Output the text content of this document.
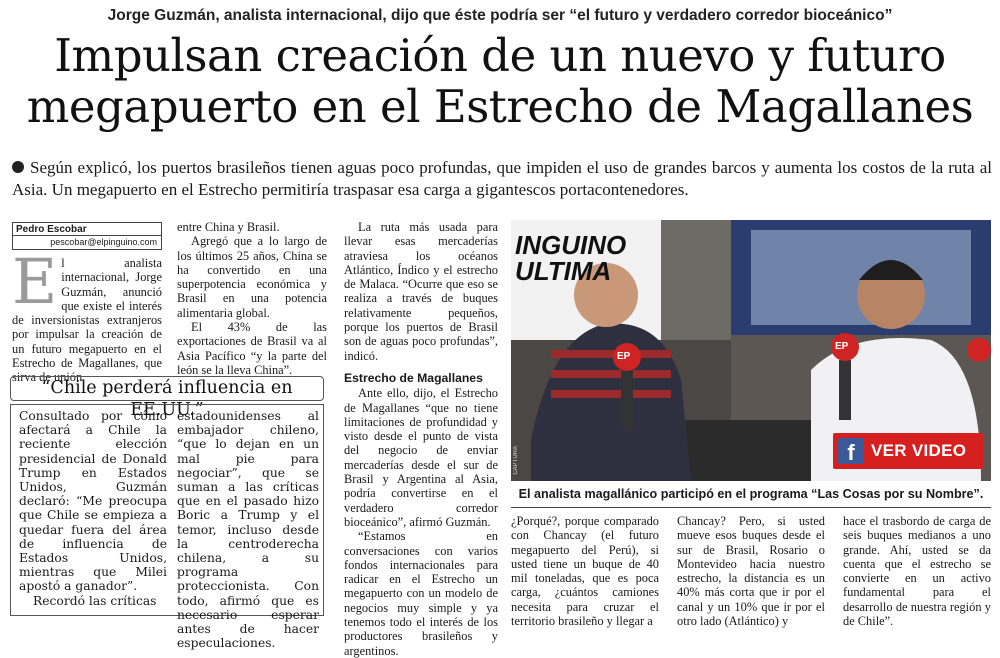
Jorge Guzmán, analista internacional, dijo que éste podría ser “el futuro y verdadero corredor bioceánico”
Impulsan creación de un nuevo y futuro
megapuerto en el Estrecho de Magallanes
Según explicó, los puertos brasileños tienen aguas poco profundas, que impiden el uso de grandes barcos y aumenta los costos de la ruta al Asia. Un megapuerto en el Estrecho permitiría traspasar esa carga a gigantescos portacontenedores.
Pedro Escobar
pescobar@elpinguino.com
E l analista internacional, Jorge Guzmán, anunció que existe el interés de inversionistas extranjeros por impulsar la creación de un futuro megapuerto en el Estrecho de Magallanes, que sirva de unión

entre China y Brasil.

Agregó que a lo largo de los últimos 25 años, China se ha convertido en una superpotencia económica y Brasil en una potencia alimentaria global.

El 43% de las exportaciones de Brasil va al Asia Pacífico “y la parte del león se la lleva China”.

La ruta más usada para llevar esas mercaderías atraviesa los océanos Atlántico, Índico y el estrecho de Malaca. “Ocurre que eso se realiza a través de buques relativamente pequeños, porque los puertos de Brasil son de aguas poco profundas”, indicó.

Estrecho de Magallanes

Ante ello, dijo, el Estrecho de Magallanes “que no tiene limitaciones de profundidad y visto desde el punto de vista del negocio de enviar mercaderías desde el sur de Brasil y Argentina al Asia, podría convertirse en el verdadero corredor bioceánico”, afirmó Guzmán.

“Estamos en conversaciones con varios fondos internacionales para radicar en el Estrecho un megapuerto con un modelo de negocios muy simple y ya tenemos todo el interés de los productores brasileños y argentinos.

“Chile perderá influencia en EE.UU.”

Consultado por cómo afectará a Chile la reciente elección presidencial de Donald Trump en Estados Unidos, Guzmán declaró: “Me preocupa que Chile se empieza a quedar fuera del área de influencia de Estados Unidos, mientras que Milei apostó a ganador”.

Recordó las críticas

estadounidenses al embajador chileno, “que lo dejan en un mal pie para negociar”, que se suman a las críticas que en el pasado hizo Boric a Trump y el temor, incluso desde la centroderecha chilena, a su programa proteccionista. Con todo, afirmó que es necesario esperar antes de hacer especulaciones.

INGUINO
ULTIMA
EP
EP
CAPTURA	f VER VIDEO
El analista magallánico participó en el programa “Las Cosas por su Nombre”.

¿Porqué?, porque comparado con Chancay (el futuro megapuerto del Perú), si usted tiene un buque de 40 mil toneladas, que es poca carga, ¿cuántos camiones necesita para cruzar el territorio brasileño y llegar a

Chancay? Pero, si usted mueve esos buques desde el sur de Brasil, Rosario o Montevideo hacia nuestro estrecho, la distancia es un 40% más corta que ir por el canal y un 10% que ir por el otro lado (Atlántico) y

hace el trasbordo de carga de seis buques medianos a uno grande. Ahí, usted se da cuenta que el estrecho se convierte en un activo fundamental para el desarrollo de nuestra región y de Chile”.
